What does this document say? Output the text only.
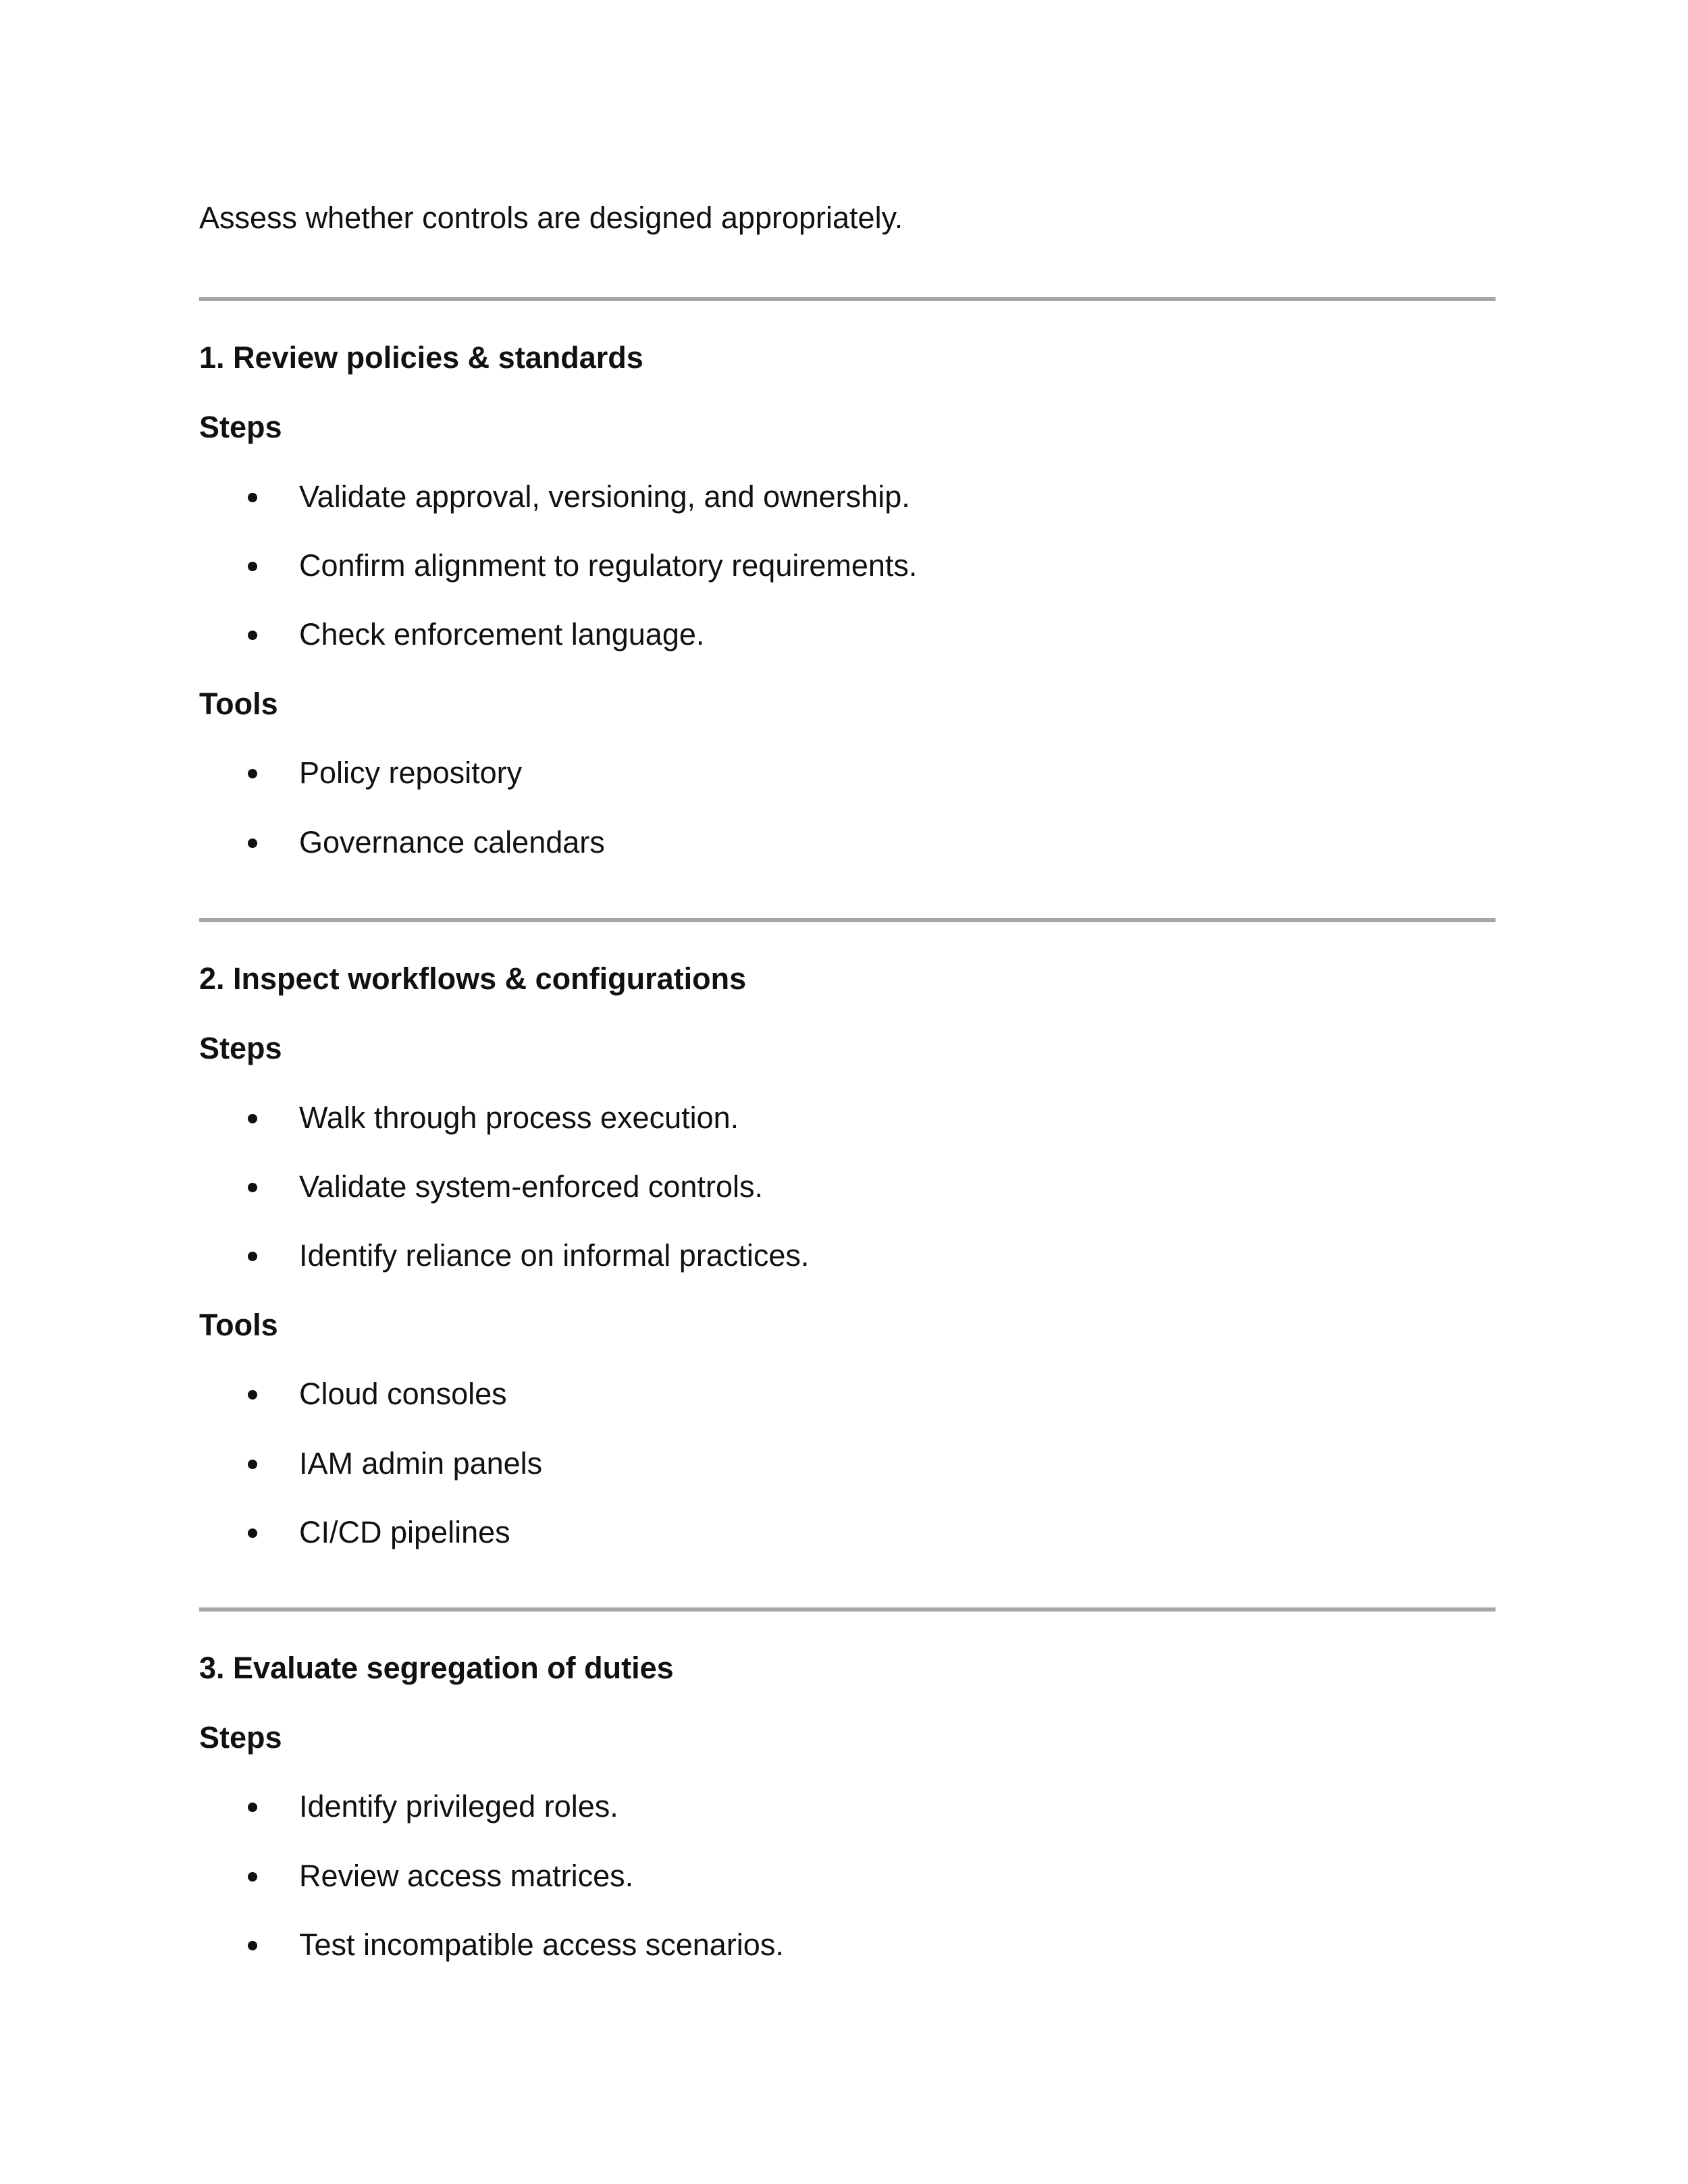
Assess whether controls are designed appropriately.
1. Review policies & standards
Steps
Validate approval, versioning, and ownership.
Confirm alignment to regulatory requirements.
Check enforcement language.
Tools
Policy repository
Governance calendars
2. Inspect workflows & configurations
Steps
Walk through process execution.
Validate system-enforced controls.
Identify reliance on informal practices.
Tools
Cloud consoles
IAM admin panels
CI/CD pipelines
3. Evaluate segregation of duties
Steps
Identify privileged roles.
Review access matrices.
Test incompatible access scenarios.
